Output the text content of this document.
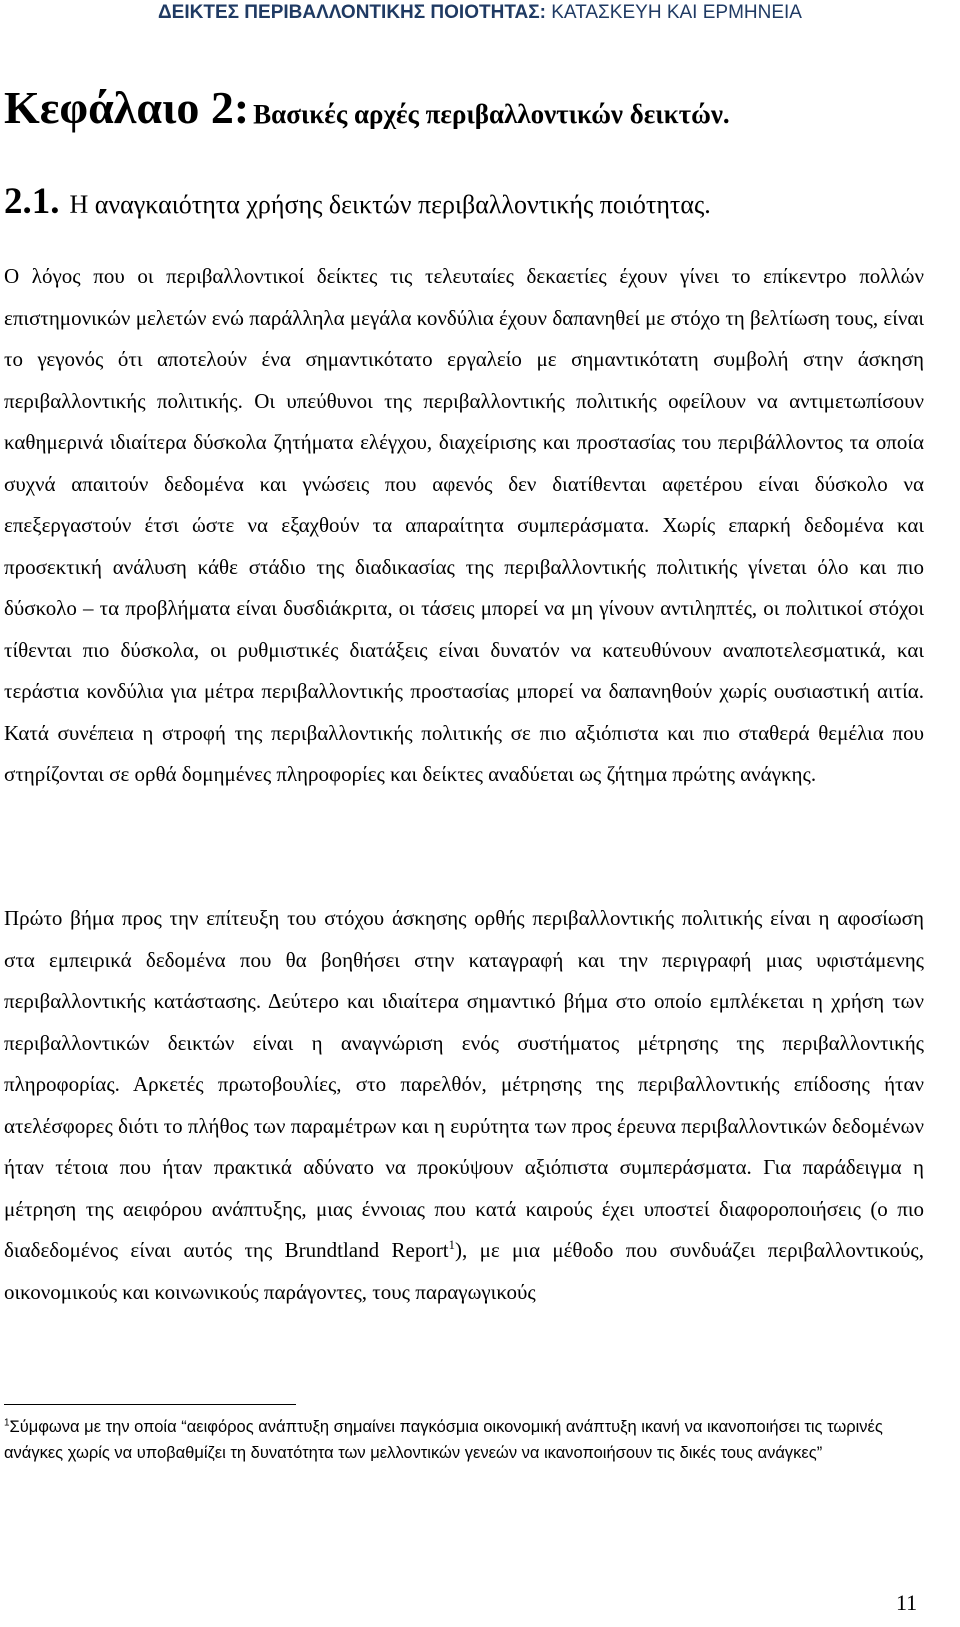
ΔΕΙΚΤΕΣ ΠΕΡΙΒΑΛΛΟΝΤΙΚΗΣ ΠΟΙΟΤΗΤΑΣ: ΚΑΤΑΣΚΕΥΗ ΚΑΙ ΕΡΜΗΝΕΙΑ
Κεφάλαιο 2: Βασικές αρχές περιβαλλοντικών δεικτών.
2.1. Η αναγκαιότητα χρήσης δεικτών περιβαλλοντικής ποιότητας.

Ο λόγος που οι περιβαλλοντικοί δείκτες τις τελευταίες δεκαετίες έχουν γίνει το επίκεντρο πολλών επιστημονικών μελετών ενώ παράλληλα μεγάλα κονδύλια έχουν δαπανηθεί με στόχο τη βελτίωση τους, είναι το γεγονός ότι αποτελούν ένα σημαντικότατο εργαλείο με σημαντικότατη συμβολή στην άσκηση περιβαλλοντικής πολιτικής. Οι υπεύθυνοι της περιβαλλοντικής πολιτικής οφείλουν να αντιμετωπίσουν καθημερινά ιδιαίτερα δύσκολα ζητήματα ελέγχου, διαχείρισης και προστασίας του περιβάλλοντος τα οποία συχνά απαιτούν δεδομένα και γνώσεις που αφενός δεν διατίθενται αφετέρου είναι δύσκολο να επεξεργαστούν έτσι ώστε να εξαχθούν τα απαραίτητα συμπεράσματα. Χωρίς επαρκή δεδομένα και προσεκτική ανάλυση κάθε στάδιο της διαδικασίας της περιβαλλοντικής πολιτικής γίνεται όλο και πιο δύσκολο – τα προβλήματα είναι δυσδιάκριτα, οι τάσεις μπορεί να μη γίνουν αντιληπτές, οι πολιτικοί στόχοι τίθενται πιο δύσκολα, οι ρυθμιστικές διατάξεις είναι δυνατόν να κατευθύνουν αναποτελεσματικά, και τεράστια κονδύλια για μέτρα περιβαλλοντικής προστασίας μπορεί να δαπανηθούν χωρίς ουσιαστική αιτία. Κατά συνέπεια η στροφή της περιβαλλοντικής πολιτικής σε πιο αξιόπιστα και πιο σταθερά θεμέλια που στηρίζονται σε ορθά δομημένες πληροφορίες και δείκτες αναδύεται ως ζήτημα πρώτης ανάγκης.

Πρώτο βήμα προς την επίτευξη του στόχου άσκησης ορθής περιβαλλοντικής πολιτικής είναι η αφοσίωση στα εμπειρικά δεδομένα που θα βοηθήσει στην καταγραφή και την περιγραφή μιας υφιστάμενης περιβαλλοντικής κατάστασης. Δεύτερο και ιδιαίτερα σημαντικό βήμα στο οποίο εμπλέκεται η χρήση των περιβαλλοντικών δεικτών είναι η αναγνώριση ενός συστήματος μέτρησης της περιβαλλοντικής πληροφορίας. Αρκετές πρωτοβουλίες, στο παρελθόν, μέτρησης της περιβαλλοντικής επίδοσης ήταν ατελέσφορες διότι το πλήθος των παραμέτρων και η ευρύτητα των προς έρευνα περιβαλλοντικών δεδομένων ήταν τέτοια που ήταν πρακτικά αδύνατο να προκύψουν αξιόπιστα συμπεράσματα. Για παράδειγμα η μέτρηση της αειφόρου ανάπτυξης, μιας έννοιας που κατά καιρούς έχει υποστεί διαφοροποιήσεις (ο πιο διαδεδομένος είναι αυτός της Brundtland Report$^1$), με μια μέθοδο που συνδυάζει περιβαλλοντικούς, οικονομικούς και κοινωνικούς παράγοντες, τους παραγωγικούς

$^1$Σύμφωνα με την οποία “αειφόρος ανάπτυξη σημαίνει παγκόσμια οικονομική ανάπτυξη ικανή να ικανοποιήσει τις τωρινές ανάγκες χωρίς να υποβαθμίζει τη δυνατότητα των μελλοντικών γενεών να ικανοποιήσουν τις δικές τους ανάγκες”

11
